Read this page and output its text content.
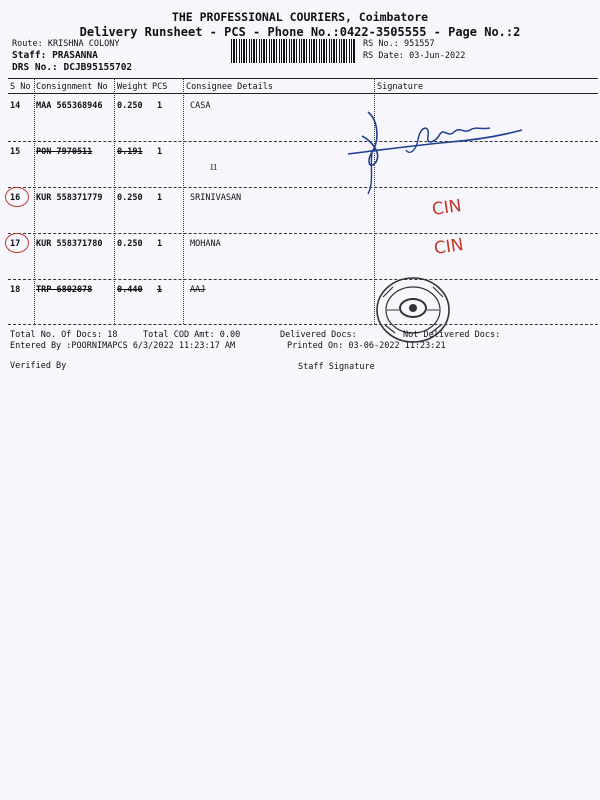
THE PROFESSIONAL COURIERS, Coimbatore
Delivery Runsheet - PCS - Phone No.:0422-3505555 - Page No.:2
Route: KRISHNA COLONY
Staff: PRASANNA
DRS No.: DCJB95155702
RS No.: 951557
RS Date: 03-Jun-2022
S No Consignment No Weight PCS Consignee Details	Signature
14 MAA 565368946 0.250 1	CASA
15 PON 7970511	0.191 1
ıı
16 KUR 558371779 0.250 1	SRINIVASAN	CIN
17 KUR 558371780 0.250 1	MOHANA	CIN
18 TRP 6802078	0.440 1	AAJ
Total No. Of Docs: 18	Total COD Amt: 0.00	Delivered Docs:	Not Delivered Docs:
Entered By :POORNIMAPCS 6/3/2022 11:23:17 AM	Printed On: 03-06-2022 11:23:21
Verified By	Staff Signature
